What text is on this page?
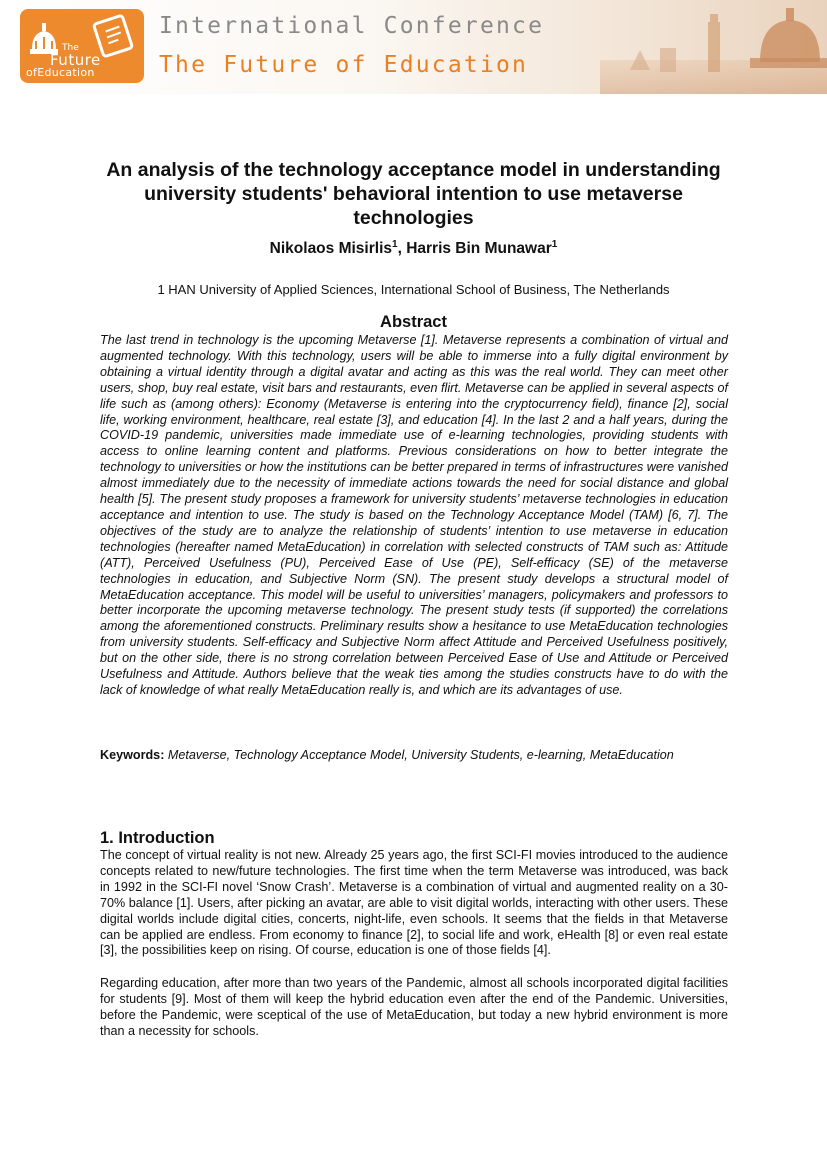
The
Future
ofEducation
International Conference
The Future of Education
An analysis of the technology acceptance model in understanding university students' behavioral intention to use metaverse technologies

Nikolaos Misirlis$^1$, Harris Bin Munawar$^1$

1 HAN University of Applied Sciences, International School of Business, The Netherlands

Abstract

The last trend in technology is the upcoming Metaverse [1]. Metaverse represents a combination of virtual and augmented technology. With this technology, users will be able to immerse into a fully digital environment by obtaining a virtual identity through a digital avatar and acting as this was the real world. They can meet other users, shop, buy real estate, visit bars and restaurants, even flirt. Metaverse can be applied in several aspects of life such as (among others): Economy (Metaverse is entering into the cryptocurrency field), finance [2], social life, working environment, healthcare, real estate [3], and education [4]. In the last 2 and a half years, during the COVID-19 pandemic, universities made immediate use of e-learning technologies, providing students with access to online learning content and platforms. Previous considerations on how to better integrate the technology to universities or how the institutions can be better prepared in terms of infrastructures were vanished almost immediately due to the necessity of immediate actions towards the need for social distance and global health [5]. The present study proposes a framework for university students’ metaverse technologies in education acceptance and intention to use. The study is based on the Technology Acceptance Model (TAM) [6, 7]. The objectives of the study are to analyze the relationship of students’ intention to use metaverse in education technologies (hereafter named MetaEducation) in correlation with selected constructs of TAM such as: Attitude (ATT), Perceived Usefulness (PU), Perceived Ease of Use (PE), Self-efficacy (SE) of the metaverse technologies in education, and Subjective Norm (SN). The present study develops a structural model of MetaEducation acceptance. This model will be useful to universities’ managers, policymakers and professors to better incorporate the upcoming metaverse technology. The present study tests (if supported) the correlations among the aforementioned constructs. Preliminary results show a hesitance to use MetaEducation technologies from university students. Self-efficacy and Subjective Norm affect Attitude and Perceived Usefulness positively, but on the other side, there is no strong correlation between Perceived Ease of Use and Attitude or Perceived Usefulness and Attitude. Authors believe that the weak ties among the studies constructs have to do with the lack of knowledge of what really MetaEducation really is, and which are its advantages of use.

Keywords: Metaverse, Technology Acceptance Model, University Students, e-learning, MetaEducation

1. Introduction

The concept of virtual reality is not new. Already 25 years ago, the first SCI-FI movies introduced to the audience concepts related to new/future technologies. The first time when the term Metaverse was introduced, was back in 1992 in the SCI-FI novel ‘Snow Crash’. Metaverse is a combination of virtual and augmented reality on a 30-70% balance [1]. Users, after picking an avatar, are able to visit digital worlds, interacting with other users. These digital worlds include digital cities, concerts, night-life, even schools. It seems that the fields in that Metaverse can be applied are endless. From economy to finance [2], to social life and work, eHealth [8] or even real estate [3], the possibilities keep on rising. Of course, education is one of those fields [4].

Regarding education, after more than two years of the Pandemic, almost all schools incorporated digital facilities for students [9]. Most of them will keep the hybrid education even after the end of the Pandemic. Universities, before the Pandemic, were sceptical of the use of MetaEducation, but today a new hybrid environment is more than a necessity for schools.
